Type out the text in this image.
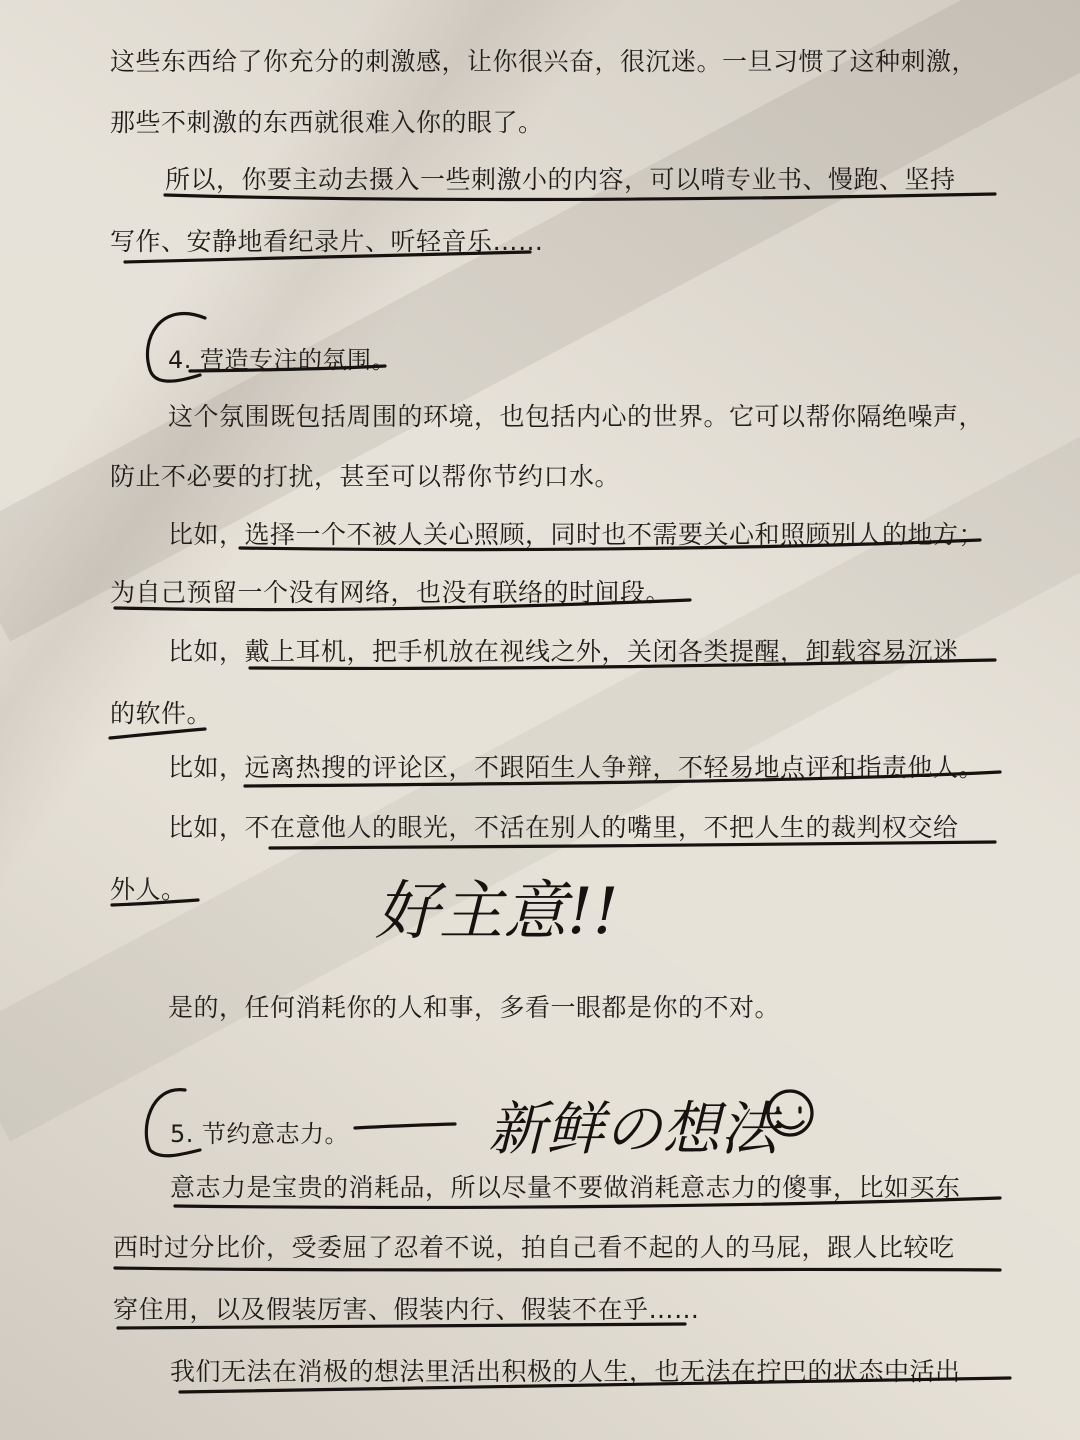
这些东西给了你充分的刺激感，让你很兴奋，很沉迷。一旦习惯了这种刺激，
那些不刺激的东西就很难入你的眼了。
所以，你要主动去摄入一些刺激小的内容，可以啃专业书、慢跑、坚持
写作、安静地看纪录片、听轻音乐……
4. 营造专注的氛围。
这个氛围既包括周围的环境，也包括内心的世界。它可以帮你隔绝噪声，
防止不必要的打扰，甚至可以帮你节约口水。
比如，选择一个不被人关心照顾，同时也不需要关心和照顾别人的地方；
为自己预留一个没有网络，也没有联络的时间段。
比如，戴上耳机，把手机放在视线之外，关闭各类提醒，卸载容易沉迷
的软件。
比如，远离热搜的评论区，不跟陌生人争辩，不轻易地点评和指责他人。
比如，不在意他人的眼光，不活在别人的嘴里，不把人生的裁判权交给
外人。
是的，任何消耗你的人和事，多看一眼都是你的不对。
5. 节约意志力。
意志力是宝贵的消耗品，所以尽量不要做消耗意志力的傻事，比如买东
西时过分比价，受委屈了忍着不说，拍自己看不起的人的马屁，跟人比较吃
穿住用，以及假装厉害、假装内行、假装不在乎……
我们无法在消极的想法里活出积极的人生，也无法在拧巴的状态中活出
好主意!!
新鲜の想法
